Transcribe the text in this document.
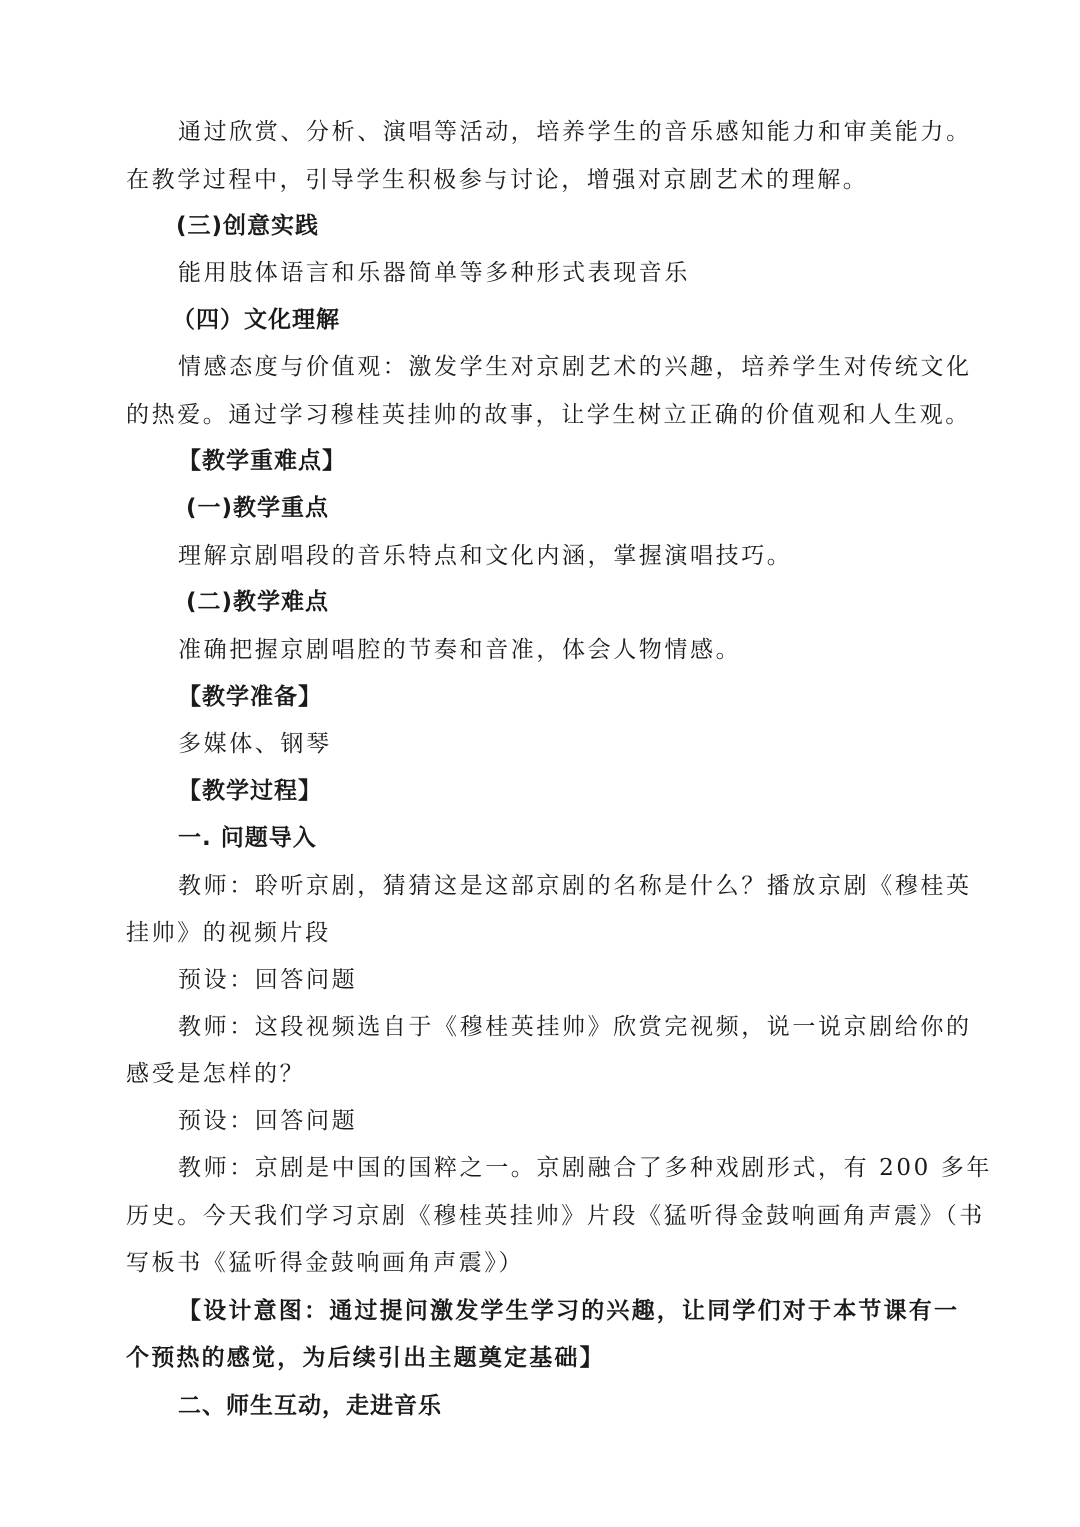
通过欣赏、分析、演唱等活动，培养学生的音乐感知能力和审美能力。
在教学过程中，引导学生积极参与讨论，增强对京剧艺术的理解。
(三)创意实践
能用肢体语言和乐器简单等多种形式表现音乐
（四）文化理解
情感态度与价值观：激发学生对京剧艺术的兴趣，培养学生对传统文化
的热爱。通过学习穆桂英挂帅的故事，让学生树立正确的价值观和人生观。
【教学重难点】
(一)教学重点
理解京剧唱段的音乐特点和文化内涵，掌握演唱技巧。
(二)教学难点
准确把握京剧唱腔的节奏和音准，体会人物情感。
【教学准备】
多媒体、钢琴
【教学过程】
一. 问题导入
教师：聆听京剧，猜猜这是这部京剧的名称是什么？播放京剧《穆桂英
挂帅》的视频片段
预设：回答问题
教师：这段视频选自于《穆桂英挂帅》欣赏完视频，说一说京剧给你的
感受是怎样的？
预设：回答问题
教师：京剧是中国的国粹之一。京剧融合了多种戏剧形式，有 200 多年
历史。今天我们学习京剧《穆桂英挂帅》片段《猛听得金鼓响画角声震》（书
写板书《猛听得金鼓响画角声震》）
【设计意图：通过提问激发学生学习的兴趣，让同学们对于本节课有一
个预热的感觉，为后续引出主题奠定基础】
二、师生互动，走进音乐
